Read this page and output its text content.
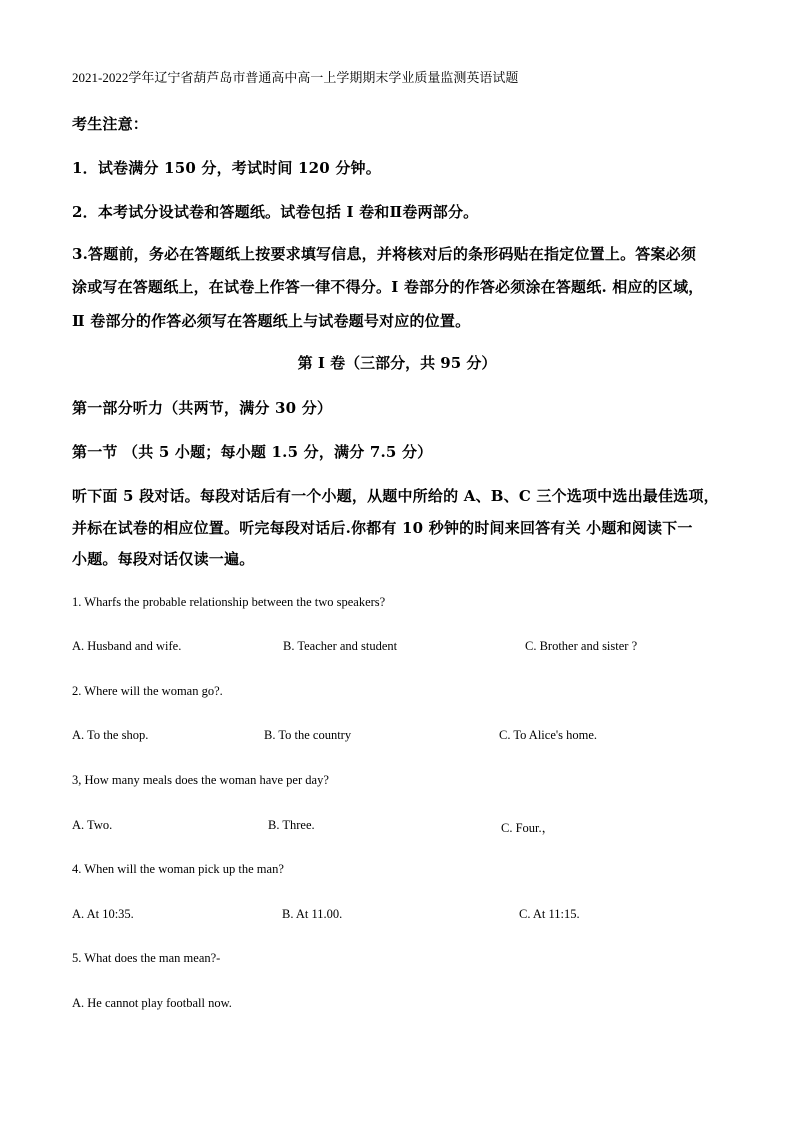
2021-2022学年辽宁省葫芦岛市普通高中高一上学期期末学业质量监测英语试题
考生注意：
1．试卷满分 150 分，考试时间 120 分钟。
2．本考试分设试卷和答题纸。试卷包括 I 卷和Ⅱ卷两部分。
3.答题前，务必在答题纸上按要求填写信息，并将核对后的条形码贴在指定位置上。答案必须
涂或写在答题纸上，在试卷上作答一律不得分。I 卷部分的作答必须涂在答题纸. 相应的区域，
Ⅱ 卷部分的作答必须写在答题纸上与试卷题号对应的位置。
第 I 卷（三部分，共 95 分）
第一部分听力（共两节，满分 30 分）
第一节 （共 5 小题；每小题 1.5 分，满分 7.5 分）
听下面 5 段对话。每段对话后有一个小题，从题中所给的 A、B、C 三个选项中选出最佳选项，
并标在试卷的相应位置。听完每段对话后.你都有 10 秒钟的时间来回答有关 小题和阅读下一
小题。每段对话仅读一遍。
1. Wharfs the probable relationship between the two speakers?
A. Husband and wife.	B. Teacher and student	C. Brother and sister ?
2. Where will the woman go?.
A. To the shop.	B. To the country	C. To Alice's home.
3, How many meals does the woman have per day?
A. Two.	B. Three.	C. Four.，
4. When will the woman pick up the man?
A. At 10:35.	B. At 11.00.	C. At 11:15.
5. What does the man mean?-
A. He cannot play football now.
